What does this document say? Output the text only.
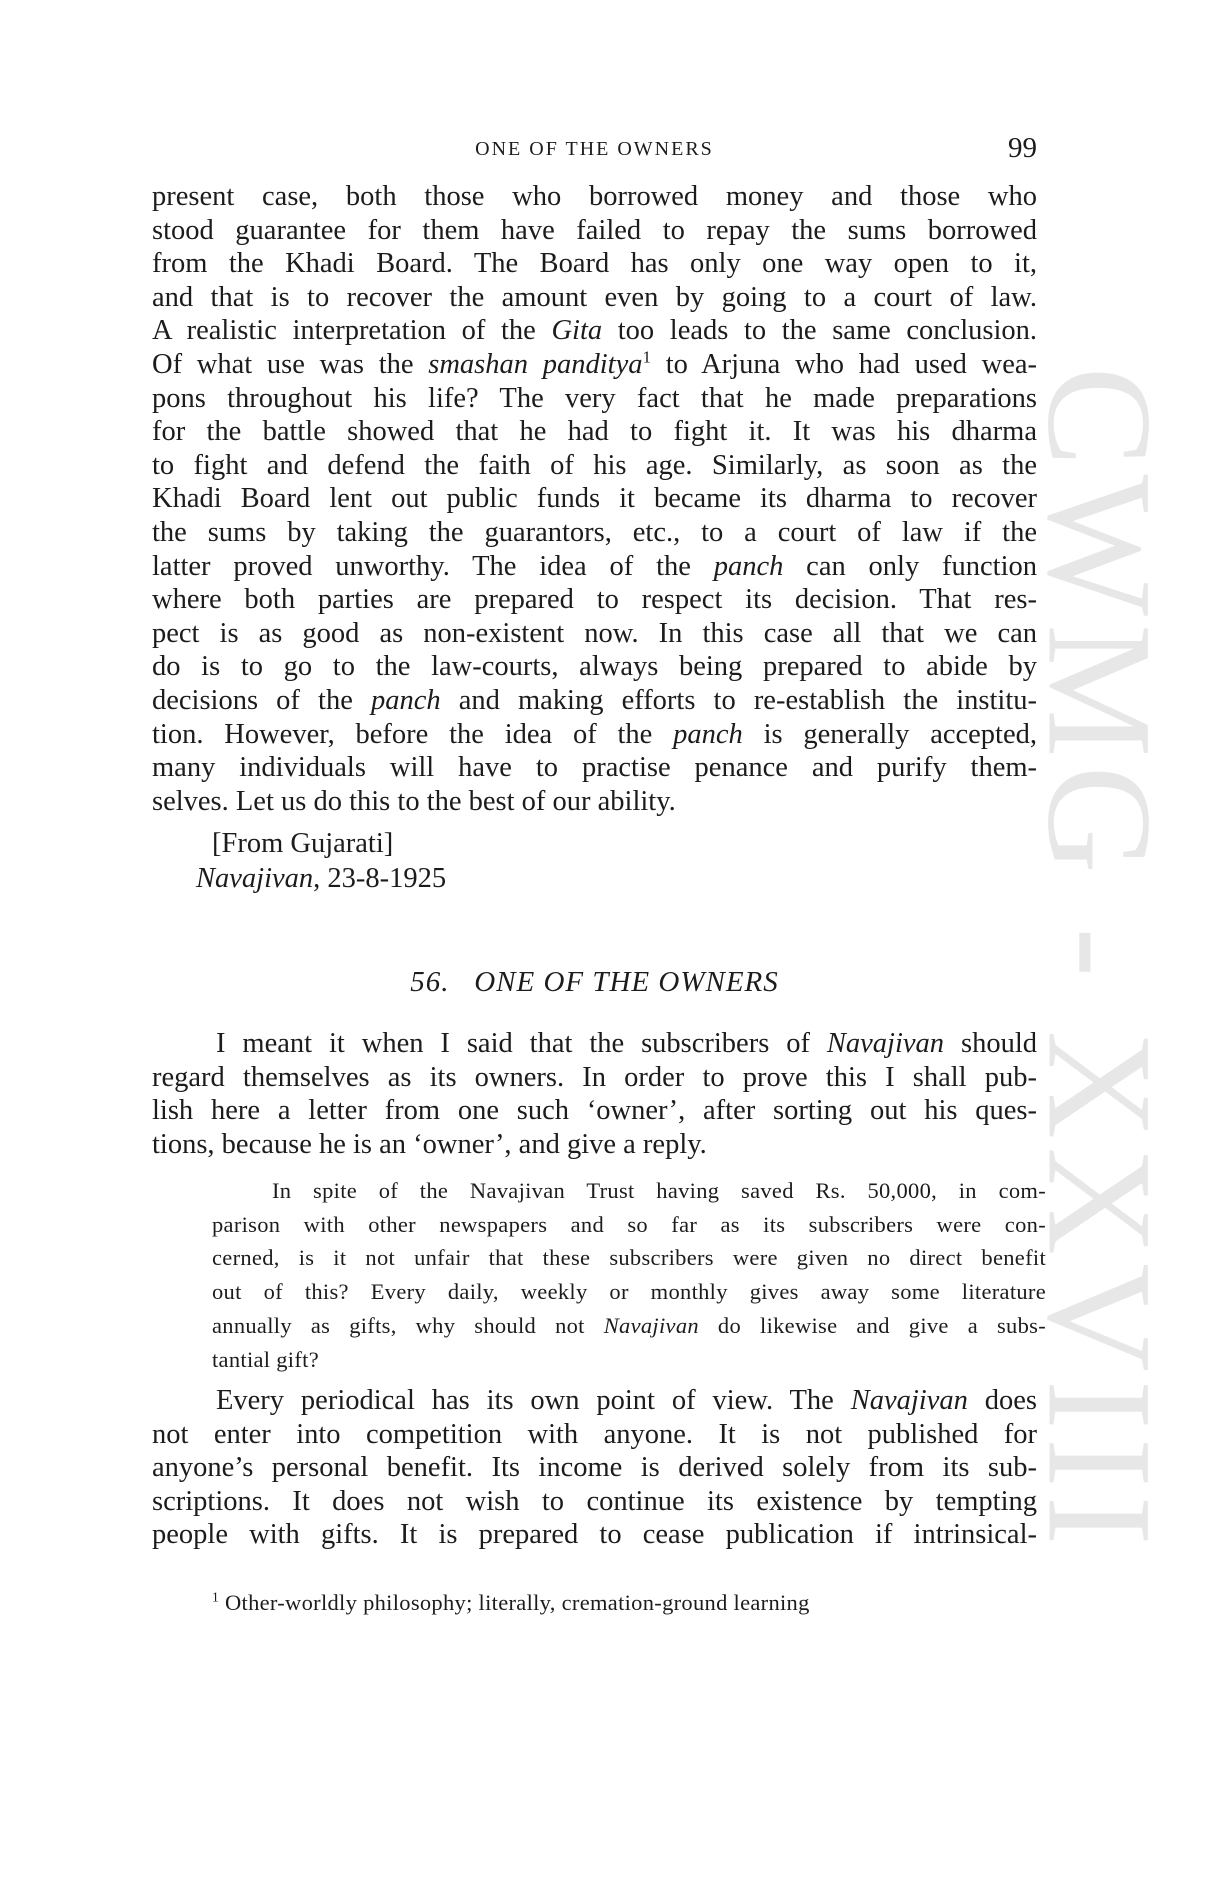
CWMG - XXVIII
ONE OF THE OWNERS	99
present case, both those who borrowed money and those who
stood guarantee for them have failed to repay the sums borrowed
from the Khadi Board. The Board has only one way open to it,
and that is to recover the amount even by going to a court of law.
A realistic interpretation of the Gita too leads to the same conclusion.
Of what use was the smashan panditya$^1$ to Arjuna who had used wea-
pons throughout his life? The very fact that he made preparations
for the battle showed that he had to fight it. It was his dharma
to fight and defend the faith of his age. Similarly, as soon as the
Khadi Board lent out public funds it became its dharma to recover
the sums by taking the guarantors, etc., to a court of law if the
latter proved unworthy. The idea of the panch can only function
where both parties are prepared to respect its decision. That res-
pect is as good as non-existent now. In this case all that we can
do is to go to the law-courts, always being prepared to abide by
decisions of the panch and making efforts to re-establish the institu-
tion. However, before the idea of the panch is generally accepted,
many individuals will have to practise penance and purify them-
selves. Let us do this to the best of our ability.
[From Gujarati]
Navajivan, 23-8-1925
56. ONE OF THE OWNERS
I meant it when I said that the subscribers of Navajivan should
regard themselves as its owners. In order to prove this I shall pub-
lish here a letter from one such ‘owner’, after sorting out his ques-
tions, because he is an ‘owner’, and give a reply.
In spite of the Navajivan Trust having saved Rs. 50,000, in com-
parison with other newspapers and so far as its subscribers were con-
cerned, is it not unfair that these subscribers were given no direct benefit
out of this? Every daily, weekly or monthly gives away some literature
annually as gifts, why should not Navajivan do likewise and give a subs-
tantial gift?
Every periodical has its own point of view. The Navajivan does
not enter into competition with anyone. It is not published for
anyone’s personal benefit. Its income is derived solely from its sub-
scriptions. It does not wish to continue its existence by tempting
people with gifts. It is prepared to cease publication if intrinsical-
$^1$ Other-worldly philosophy; literally, cremation-ground learning
